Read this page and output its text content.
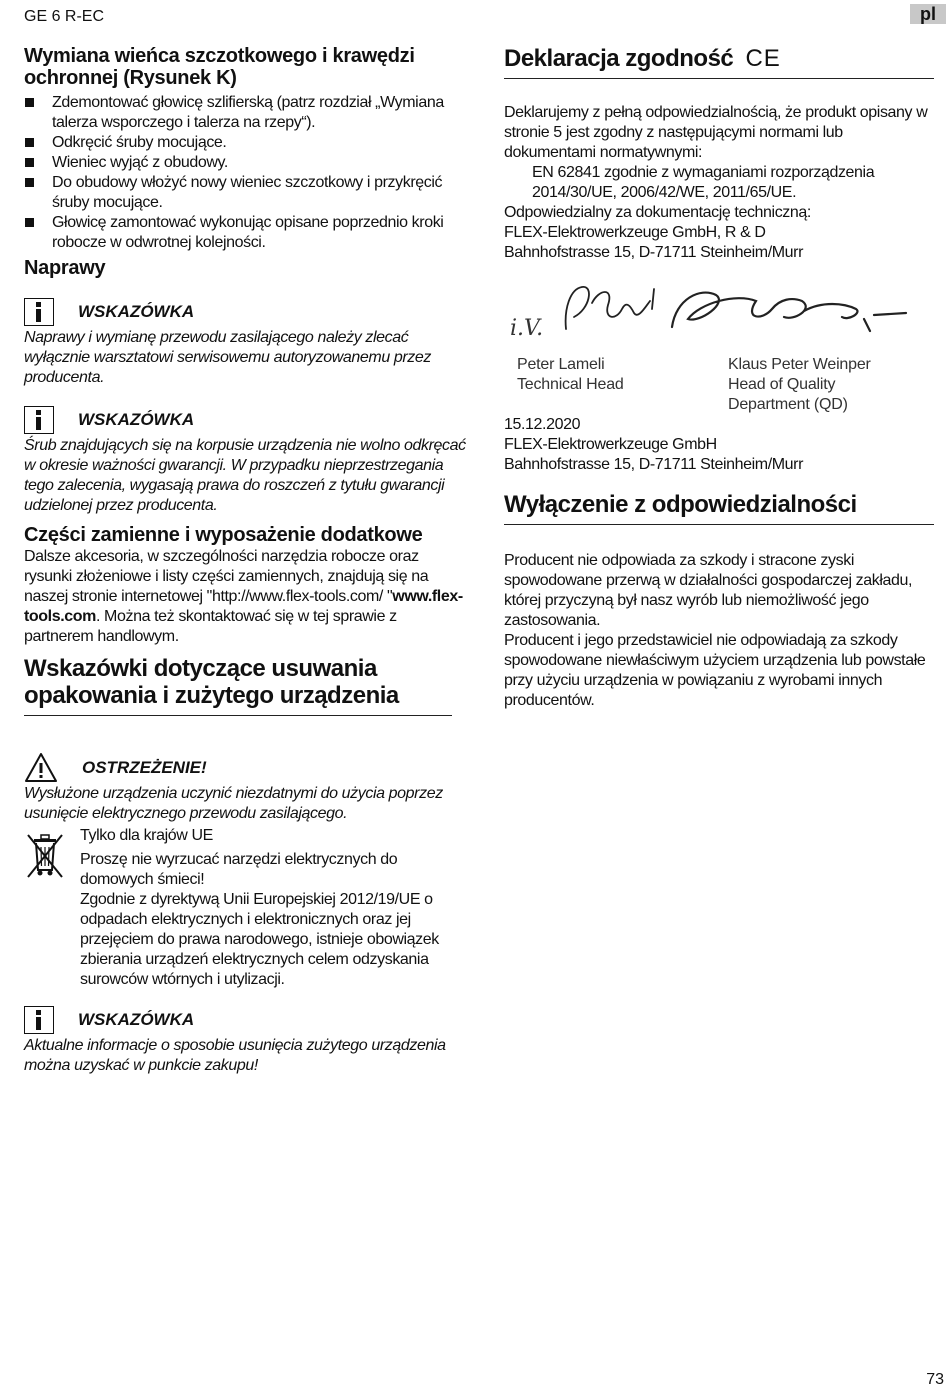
GE 6 R-EC	pl
Wymiana wieńca szczotkowego i krawędzi ochronnej (Rysunek K)
Zdemontować głowicę szlifierską (patrz rozdział „Wymiana talerza wsporczego i talerza na rzepy“).
Odkręcić śruby mocujące.
Wieniec wyjąć z obudowy.
Do obudowy włożyć nowy wieniec szczotkowy i przykręcić śruby mocujące.
Głowicę zamontować wykonując opisane poprzednio kroki robocze w odwrotnej kolejności.
Naprawy
WSKAZÓWKA

Naprawy i wymianę przewodu zasilającego należy zlecać wyłącznie warsztatowi serwisowemu autoryzowanemu przez producenta.

WSKAZÓWKA

Śrub znajdujących się na korpusie urządzenia nie wolno odkręcać w okresie ważności gwarancji. W przypadku nieprzestrzegania tego zalecenia, wygasają prawa do roszczeń z tytułu gwarancji udzielonej przez producenta.

Części zamienne i wyposażenie dodatkowe

Dalsze akcesoria, w szczególności narzędzia robocze oraz rysunki złożeniowe i listy części zamiennych, znajdują się na naszej stronie internetowej "http://www.flex-tools.com/ "www.flex-tools.com. Można też skontaktować się w tej sprawie z partnerem handlowym.

Wskazówki dotyczące usuwania opakowania i zużytego urządzenia
OSTRZEŻENIE!

Wysłużone urządzenia uczynić niezdatnymi do użycia poprzez usunięcie elektrycznego przewodu zasilającego.

Tylko dla krajów UE

Proszę nie wyrzucać narzędzi elektrycznych do domowych śmieci!

Zgodnie z dyrektywą Unii Europejskiej 2012/19/UE o odpadach elektrycznych i elektronicznych oraz jej przejęciem do prawa narodowego, istnieje obowiązek zbierania urządzeń elektrycznych celem odzyskania surowców wtórnych i utylizacji.

WSKAZÓWKA

Aktualne informacje o sposobie usunięcia zużytego urządzenia można uzyskać w punkcie zakupu!

Deklaracja zgodność CE

Deklarujemy z pełną odpowiedzialnością, że produkt opisany w stronie 5 jest zgodny z następującymi normami lub dokumentami normatywnymi:

EN 62841 zgodnie z wymaganiami rozporządzenia 2014/30/UE, 2006/42/WE, 2011/65/UE.

Odpowiedzialny za dokumentację techniczną:

FLEX-Elektrowerkzeuge GmbH, R & D

Bahnhofstrasse 15, D-71711 Steinheim/Murr

i.V.
Peter Lameli
Technical Head
Klaus Peter Weinper
Head of Quality
Department (QD)

15.12.2020

FLEX-Elektrowerkzeuge GmbH

Bahnhofstrasse 15, D-71711 Steinheim/Murr

Wyłączenie z odpowiedzialności

Producent nie odpowiada za szkody i stracone zyski spowodowane przerwą w działalności gospodarczej zakładu, której przyczyną był nasz wyrób lub niemożliwość jego zastosowania.

Producent i jego przedstawiciel nie odpowiadają za szkody spowodowane niewłaściwym użyciem urządzenia lub powstałe przy użyciu urządzenia w powiązaniu z wyrobami innych producentów.

73
